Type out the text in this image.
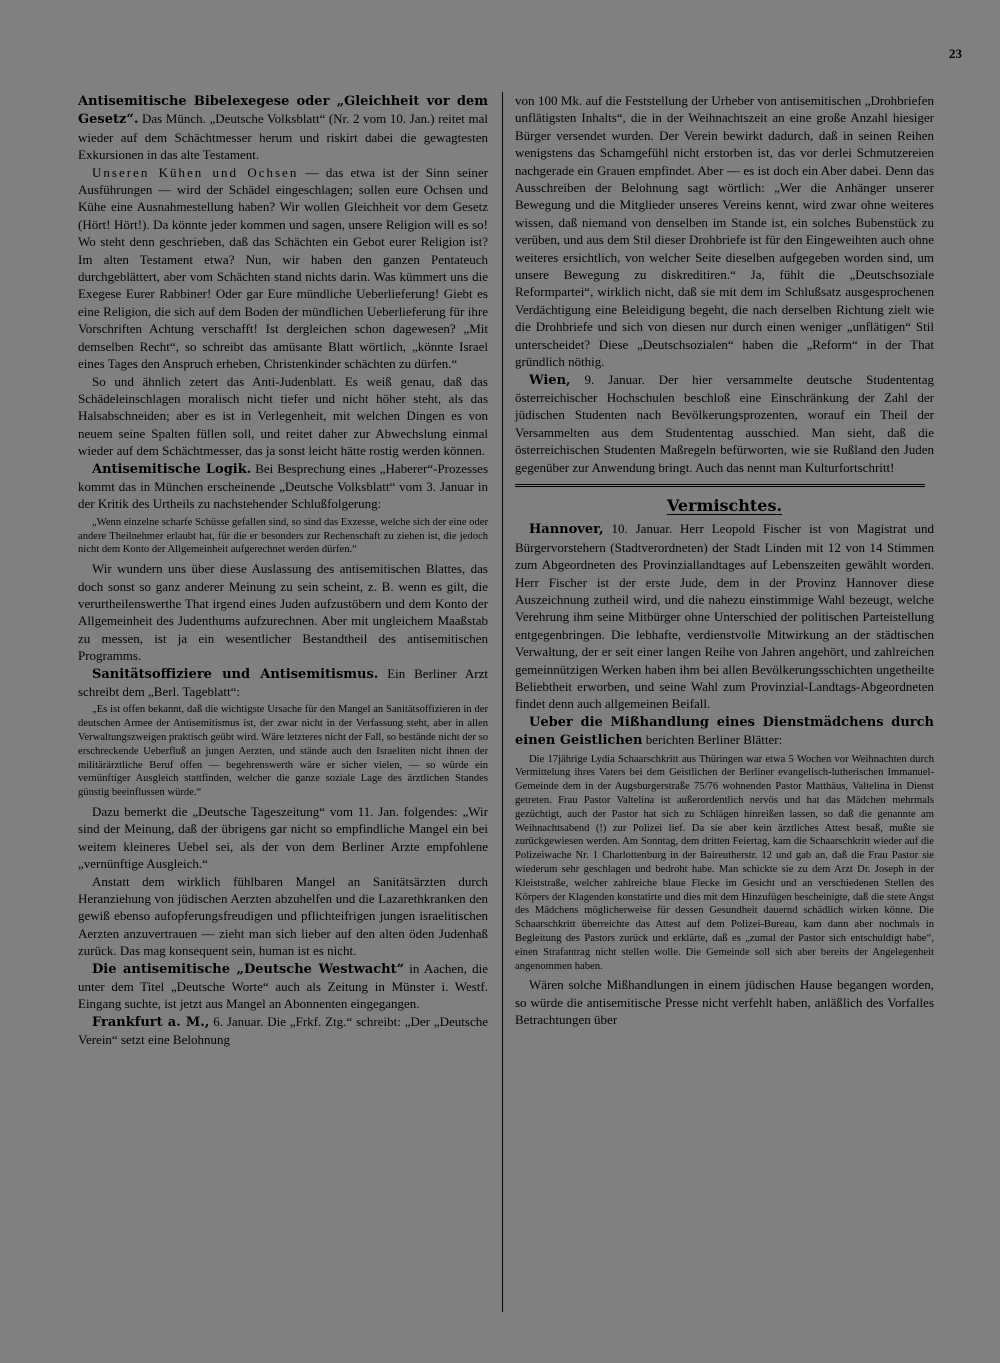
23

Antisemitische Bibelexegese oder „Gleichheit vor dem Gesetz“. Das Münch. „Deutsche Volksblatt“ (Nr. 2 vom 10. Jan.) reitet mal wieder auf dem Schächtmesser herum und riskirt dabei die gewagtesten Exkursionen in das alte Testament.

Unseren Kühen und Ochsen — das etwa ist der Sinn seiner Ausführungen — wird der Schädel eingeschlagen; sollen eure Ochsen und Kühe eine Ausnahmestellung haben? Wir wollen Gleichheit vor dem Gesetz (Hört! Hört!). Da könnte jeder kommen und sagen, unsere Religion will es so! Wo steht denn geschrieben, daß das Schächten ein Gebot eurer Religion ist? Im alten Testament etwa? Nun, wir haben den ganzen Pentateuch durchgeblättert, aber vom Schächten stand nichts darin. Was kümmert uns die Exegese Eurer Rabbiner! Oder gar Eure mündliche Ueberlieferung! Giebt es eine Religion, die sich auf dem Boden der mündlichen Ueberlieferung für ihre Vorschriften Achtung verschafft! Ist dergleichen schon dagewesen? „Mit demselben Recht“, so schreibt das amüsante Blatt wörtlich, „könnte Israel eines Tages den Anspruch erheben, Christenkinder schächten zu dürfen.“

So und ähnlich zetert das Anti-Judenblatt. Es weiß genau, daß das Schädeleinschlagen moralisch nicht tiefer und nicht höher steht, als das Halsabschneiden; aber es ist in Verlegenheit, mit welchen Dingen es von neuem seine Spalten füllen soll, und reitet daher zur Abwechslung einmal wieder auf dem Schächtmesser, das ja sonst leicht hätte rostig werden können.

Antisemitische Logik. Bei Besprechung eines „Haberer“-Prozesses kommt das in München erscheinende „Deutsche Volksblatt“ vom 3. Januar in der Kritik des Urtheils zu nachstehender Schlußfolgerung:

„Wenn einzelne scharfe Schüsse gefallen sind, so sind das Exzesse, welche sich der eine oder andere Theilnehmer erlaubt hat, für die er besonders zur Rechenschaft zu ziehen ist, die jedoch nicht dem Konto der Allgemeinheit aufgerechnet werden dürfen.“

Wir wundern uns über diese Auslassung des antisemitischen Blattes, das doch sonst so ganz anderer Meinung zu sein scheint, z. B. wenn es gilt, die verurtheilenswerthe That irgend eines Juden aufzustöbern und dem Konto der Allgemeinheit des Judenthums aufzurechnen. Aber mit ungleichem Maaßstab zu messen, ist ja ein wesentlicher Bestandtheil des antisemitischen Programms.

Sanitätsoffiziere und Antisemitismus. Ein Berliner Arzt schreibt dem „Berl. Tageblatt“:

„Es ist offen bekannt, daß die wichtigste Ursache für den Mangel an Sanitätsoffizieren in der deutschen Armee der Antisemitismus ist, der zwar nicht in der Verfassung steht, aber in allen Verwaltungszweigen praktisch geübt wird. Wäre letzteres nicht der Fall, so bestände nicht der so erschreckende Ueberfluß an jungen Aerzten, und stände auch den Israeliten nicht ihnen der militärärztliche Beruf offen — begehrenswerth wäre er sicher vielen, — so würde ein vernünftiger Ausgleich stattfinden, welcher die ganze soziale Lage des ärztlichen Standes günstig beeinflussen würde.“

Dazu bemerkt die „Deutsche Tageszeitung“ vom 11. Jan. folgendes: „Wir sind der Meinung, daß der übrigens gar nicht so empfindliche Mangel ein bei weitem kleineres Uebel sei, als der von dem Berliner Arzte empfohlene „vernünftige Ausgleich.“

Anstatt dem wirklich fühlbaren Mangel an Sanitätsärzten durch Heranziehung von jüdischen Aerzten abzuhelfen und die Lazarethkranken den gewiß ebenso aufopferungsfreudigen und pflichteifrigen jungen israelitischen Aerzten anzuvertrauen — zieht man sich lieber auf den alten öden Judenhaß zurück. Das mag konsequent sein, human ist es nicht.

Die antisemitische „Deutsche Westwacht“ in Aachen, die unter dem Titel „Deutsche Worte“ auch als Zeitung in Münster i. Westf. Eingang suchte, ist jetzt aus Mangel an Abonnenten eingegangen.

Frankfurt a. M., 6. Januar. Die „Frkf. Ztg.“ schreibt: „Der „Deutsche Verein“ setzt eine Belohnung

von 100 Mk. auf die Feststellung der Urheber von antisemitischen „Drohbriefen unflätigsten Inhalts“, die in der Weihnachtszeit an eine große Anzahl hiesiger Bürger versendet wurden. Der Verein bewirkt dadurch, daß in seinen Reihen wenigstens das Schamgefühl nicht erstorben ist, das vor derlei Schmutzereien nachgerade ein Grauen empfindet. Aber — es ist doch ein Aber dabei. Denn das Ausschreiben der Belohnung sagt wörtlich: „Wer die Anhänger unserer Bewegung und die Mitglieder unseres Vereins kennt, wird zwar ohne weiteres wissen, daß niemand von denselben im Stande ist, ein solches Bubenstück zu verüben, und aus dem Stil dieser Drohbriefe ist für den Eingeweihten auch ohne weiteres ersichtlich, von welcher Seite dieselben aufgegeben worden sind, um unsere Bewegung zu diskreditiren.“ Ja, fühlt die „Deutschsoziale Reformpartei“, wirklich nicht, daß sie mit dem im Schlußsatz ausgesprochenen Verdächtigung eine Beleidigung begeht, die nach derselben Richtung zielt wie die Drohbriefe und sich von diesen nur durch einen weniger „unflätigen“ Stil unterscheidet? Diese „Deutschsozialen“ haben die „Reform“ in der That gründlich nöthig.

Wien, 9. Januar. Der hier versammelte deutsche Studententag österreichischer Hochschulen beschloß eine Einschränkung der Zahl der jüdischen Studenten nach Bevölkerungsprozenten, worauf ein Theil der Versammelten aus dem Studententag ausschied. Man sieht, daß die österreichischen Studenten Maßregeln befürworten, wie sie Rußland den Juden gegenüber zur Anwendung bringt. Auch das nennt man Kulturfortschritt!

Vermischtes.

Hannover, 10. Januar. Herr Leopold Fischer ist von Magistrat und Bürgervorstehern (Stadtverordneten) der Stadt Linden mit 12 von 14 Stimmen zum Abgeordneten des Provinziallandtages auf Lebenszeiten gewählt worden. Herr Fischer ist der erste Jude, dem in der Provinz Hannover diese Auszeichnung zutheil wird, und die nahezu einstimmige Wahl bezeugt, welche Verehrung ihm seine Mitbürger ohne Unterschied der politischen Parteistellung entgegenbringen. Die lebhafte, verdienstvolle Mitwirkung an der städtischen Verwaltung, der er seit einer langen Reihe von Jahren angehört, und zahlreichen gemeinnützigen Werken haben ihm bei allen Bevölkerungsschichten ungetheilte Beliebtheit erworben, und seine Wahl zum Provinzial-Landtags-Abgeordneten findet denn auch allgemeinen Beifall.

Ueber die Mißhandlung eines Dienstmädchens durch einen Geistlichen berichten Berliner Blätter:

Die 17jährige Lydia Schaarschkritt aus Thüringen war etwa 5 Wochen vor Weihnachten durch Vermittelung ihres Vaters bei dem Geistlichen der Berliner evangelisch-lutherischen Immanuel-Gemeinde dem in der Augsburgerstraße 75/76 wohnenden Pastor Matthäus, Valtelina in Dienst getreten. Frau Pastor Valtelina ist außerordentlich nervös und hat das Mädchen mehrmals gezüchtigt, auch der Pastor hat sich zu Schlägen hinreißen lassen, so daß die genannte am Weihnachtsabend (!) zur Polizei lief. Da sie aber kein ärztliches Attest besaß, mußte sie zurückgewiesen werden. Am Sonntag, dem dritten Feiertag, kam die Schaarschkritt wieder auf die Polizeiwache Nr. 1 Charlottenburg in der Baireutherstr. 12 und gab an, daß die Frau Pastor sie wiederum sehr geschlagen und bedroht habe. Man schickte sie zu dem Arzt Dr. Joseph in der Kleiststraße, welcher zahlreiche blaue Flecke im Gesicht und an verschiedenen Stellen des Körpers der Klagenden konstatirte und dies mit dem Hinzufügen bescheinigte, daß die stete Angst des Mädchens möglicherweise für dessen Gesundheit dauernd schädlich wirken könne. Die Schaarschkritt überreichte das Attest auf dem Polizei-Bureau, kam dann aber nochmals in Begleitung des Pastors zurück und erklärte, daß es „zumal der Pastor sich entschuldigt habe“, einen Strafantrag nicht stellen wolle. Die Gemeinde soll sich aber bereits der Angelegenheit angenommen haben.

Wären solche Mißhandlungen in einem jüdischen Hause begangen worden, so würde die antisemitische Presse nicht verfehlt haben, anläßlich des Vorfalles Betrachtungen über
